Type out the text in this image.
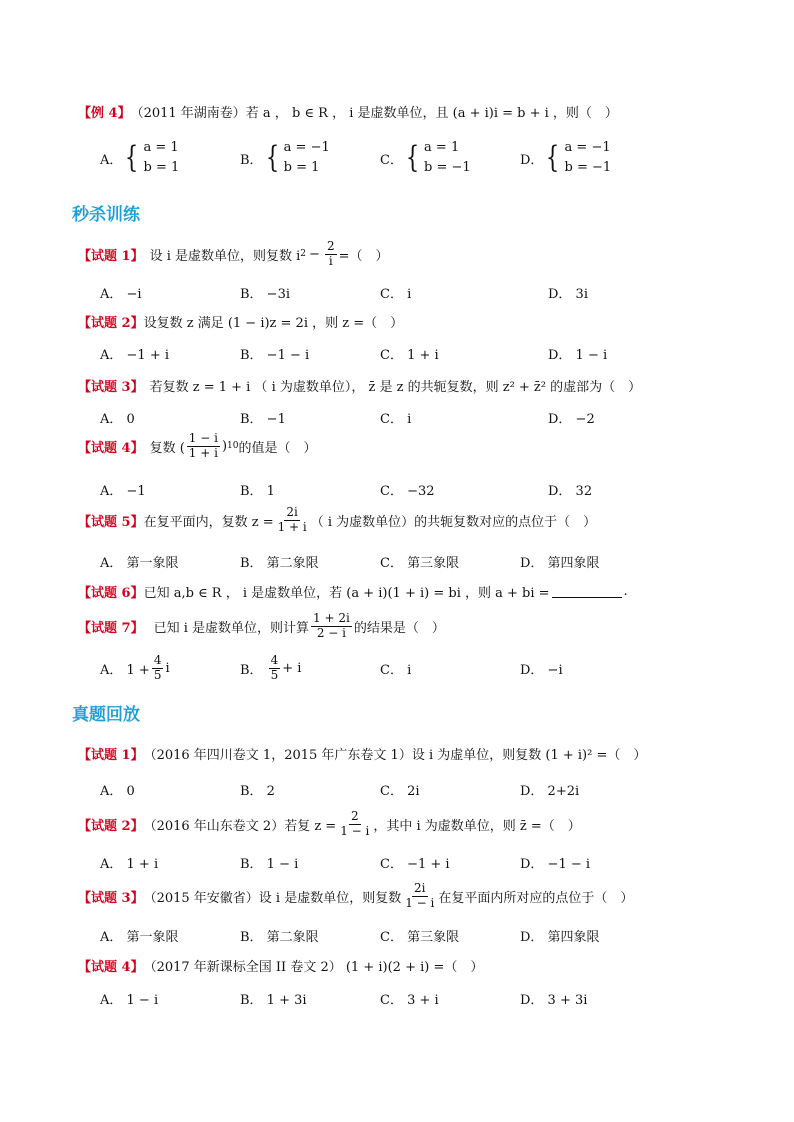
【例 4】 （2011 年湖南卷） 若 a ， b ∈ R ， i 是虚数单位，且 (a + i)i = b + i ，则（　）
A． { a = 1
b = 1	B． { a = −1
b = 1	C． { a = 1
b = −1	D． { a = −1
b = −1
秒杀训练
【试题 1】 设 i 是虚数单位，则复数 i $2 - \frac{2}{i}$ =（　）
A． −i	B． −3i	C． i	D． 3i
【试题 2】 设复数 z 满足 (1 − i)z = 2i ，则 z =（　）
A． −1 + i	B． −1 − i	C． 1 + i	D． 1 − i
【试题 3】 若复数 z = 1 + i （ i 为虚数单位）， z̄ 是 z 的共轭复数，则 z² + z̄² 的虚部为（　）
A． 0	B． −1	C． i	D． −2
【试题 4】 复数 ( $\frac{1 - i}{1 + i}$ ) 10 的值是（　）
A． −1	B． 1	C． −32	D． 32
【试题 5】 在复平面内，复数 $z = \frac{2i}{1 + i}$ （ i 为虚数单位）的共轭复数对应的点位于（　）
A． 第一象限	B． 第二象限	C． 第三象限	D． 第四象限
【试题 6】 已知 a,b ∈ R ， i 是虚数单位，若 (a + i)(1 + i) = bi ，则 a + bi =	.
【试题 7】 已知 i 是虚数单位，则计算 $\frac{1 + 2i}{2 - i}$ 的结果是（　）
A． $1 + \frac{4}{5}$ i	B． $\frac{4}{5} + i$	C． i	D． −i
真题回放
【试题 1】 （2016 年四川卷文 1，2015 年广东卷文 1）设 i 为虚单位，则复数 (1 + i)² =（　）
A． 0	B． 2	C． 2i	D． 2+2i
【试题 2】 （2016 年山东卷文 2）若复 $z = \frac{2}{1 - i}$ ，其中 i 为虚数单位，则 z̄ =（　）
A． 1 + i	B． 1 − i	C． −1 + i	D． −1 − i
【试题 3】 （2015 年安徽省）设 i 是虚数单位，则复数 $\frac{2i}{1 - i}$ 在复平面内所对应的点位于（　）
A． 第一象限	B． 第二象限	C． 第三象限	D． 第四象限
【试题 4】 （2017 年新课标全国 II 卷文 2） (1 + i)(2 + i) =（　）
A． 1 − i	B． 1 + 3i	C． 3 + i	D． 3 + 3i
